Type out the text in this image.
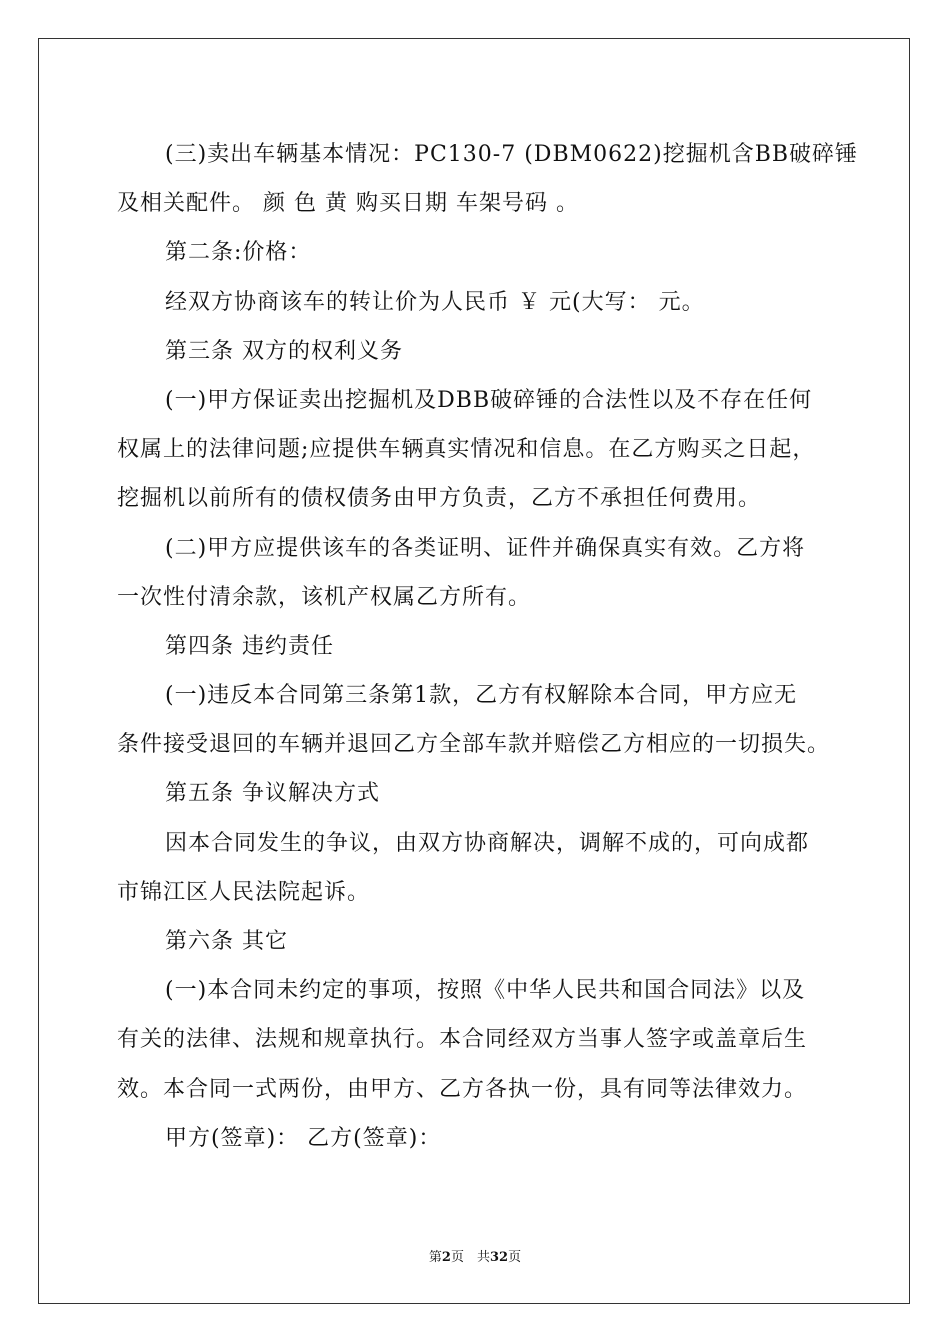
(三)卖出车辆基本情况：PC130-7 (DBM0622)挖掘机含BB破碎锤
及相关配件。 颜 色 黄 购买日期 车架号码 。
第二条:价格：
经双方协商该车的转让价为人民币 ￥ 元(大写： 元。
第三条 双方的权利义务
(一)甲方保证卖出挖掘机及DBB破碎锤的合法性以及不存在任何
权属上的法律问题;应提供车辆真实情况和信息。在乙方购买之日起，
挖掘机以前所有的债权债务由甲方负责，乙方不承担任何费用。
(二)甲方应提供该车的各类证明、证件并确保真实有效。乙方将
一次性付清余款，该机产权属乙方所有。
第四条 违约责任
(一)违反本合同第三条第1款，乙方有权解除本合同，甲方应无
条件接受退回的车辆并退回乙方全部车款并赔偿乙方相应的一切损失。
第五条 争议解决方式
因本合同发生的争议，由双方协商解决，调解不成的，可向成都
市锦江区人民法院起诉。
第六条 其它
(一)本合同未约定的事项，按照《中华人民共和国合同法》以及
有关的法律、法规和规章执行。本合同经双方当事人签字或盖章后生
效。本合同一式两份，由甲方、乙方各执一份，具有同等法律效力。
甲方(签章)： 乙方(签章)：
第2页　共32页
